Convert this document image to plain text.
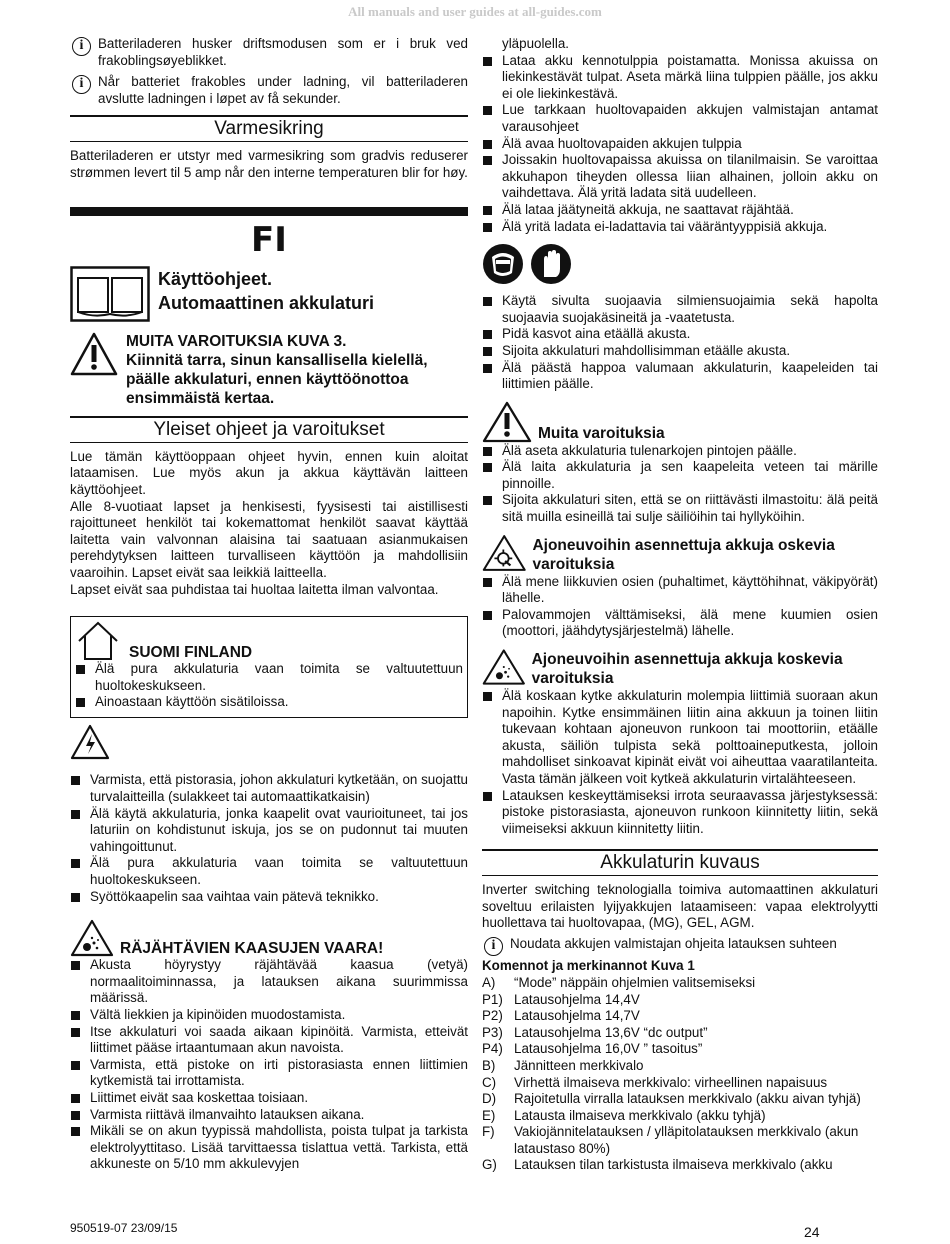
All manuals and user guides at all-guides.com
i	Batteriladeren husker driftsmodusen som er i bruk ved frakoblingsøyeblikket.

i	Når batteriet frakobles under ladning, vil batteriladeren avslutte ladningen i løpet av få sekunder.

Varmesikring

Batteriladeren er utstyr med varmesikring som gradvis reduserer strømmen levert til 5 amp når den interne temperaturen blir for høy.

FI
Käyttöohjeet.
Automaattinen akkulaturi

MUITA VAROITUKSIA KUVA 3.

Kiinnitä tarra, sinun kansallisella kielellä, päälle akkulaturi, ennen käyttöönottoa ensimmäistä kertaa.

Yleiset ohjeet ja varoitukset

Lue tämän käyttöoppaan ohjeet hyvin, ennen kuin aloitat lataamisen. Lue myös akun ja akkua käyttävän laitteen käyttöohjeet.

Alle 8-vuotiaat lapset ja henkisesti, fyysisesti tai aistillisesti rajoittuneet henkilöt tai kokemattomat henkilöt saavat käyttää laitetta vain valvonnan alaisina tai saatuaan asianmukaisen perehdytyksen laitteen turvalliseen käyttöön ja mahdollisiin vaaroihin. Lapset eivät saa leikkiä laitteella.

Lapset eivät saa puhdistaa tai huoltaa laitetta ilman valvontaa.

SUOMI FINLAND

Älä pura akkulaturia vaan toimita se valtuutettuun huoltokeskukseen.

Ainoastaan käyttöön sisätiloissa.

Varmista, että pistorasia, johon akkulaturi kytketään, on suojattu turvalaitteilla (sulakkeet tai automaattikatkaisin)

Älä käytä akkulaturia, jonka kaapelit ovat vaurioituneet, tai jos laturiin on kohdistunut iskuja, jos se on pudonnut tai muuten vahingoittunut.

Älä pura akkulaturia vaan toimita se valtuutettuun huoltokeskukseen.

Syöttökaapelin saa vaihtaa vain pätevä teknikko.

RÄJÄHTÄVIEN KAASUJEN VAARA!

Akusta höyrystyy räjähtävää kaasua (vetyä) normaalitoiminnassa, ja latauksen aikana suurimmissa määrissä.

Vältä liekkien ja kipinöiden muodostamista.

Itse akkulaturi voi saada aikaan kipinöitä. Varmista, etteivät liittimet pääse irtaantumaan akun navoista.

Varmista, että pistoke on irti pistorasiasta ennen liittimien kytkemistä tai irrottamista.

Liittimet eivät saa koskettaa toisiaan.

Varmista riittävä ilmanvaihto latauksen aikana.

Mikäli se on akun tyypissä mahdollista, poista tulpat ja tarkista elektrolyyttitaso. Lisää tarvittaessa tislattua vettä. Tarkista, että akkuneste on 5/10 mm akkulevyjen

yläpuolella.

Lataa akku kennotulppia poistamatta. Monissa akuissa on liekinkestävät tulpat. Aseta märkä liina tulppien päälle, jos akku ei ole liekinkestävä.

Lue tarkkaan huoltovapaiden akkujen valmistajan antamat varausohjeet

Älä avaa huoltovapaiden akkujen tulppia

Joissakin huoltovapaissa akuissa on tilanilmaisin. Se varoittaa akkuhapon tiheyden ollessa liian alhainen, jolloin akku on vaihdettava. Älä yritä ladata sitä uudelleen.

Älä lataa jäätyneitä akkuja, ne saattavat räjähtää.

Älä yritä ladata ei-ladattavia tai vääräntyyppisiä akkuja.

Käytä sivulta suojaavia silmiensuojaimia sekä hapolta suojaavia suojakäsineitä ja -vaatetusta.

Pidä kasvot aina etäällä akusta.

Sijoita akkulaturi mahdollisimman etäälle akusta.

Älä päästä happoa valumaan akkulaturin, kaapeleiden tai liittimien päälle.

Muita varoituksia

Älä aseta akkulaturia tulenarkojen pintojen päälle.

Älä laita akkulaturia ja sen kaapeleita veteen tai märille pinnoille.

Sijoita akkulaturi siten, että se on riittävästi ilmastoitu: älä peitä sitä muilla esineillä tai sulje säiliöihin tai hyllyköihin.

Ajoneuvoihin asennettuja akkuja oskevia varoituksia

Älä mene liikkuvien osien (puhaltimet, käyttöhihnat, väkipyörät) lähelle.

Palovammojen välttämiseksi, älä mene kuumien osien (moottori, jäähdytysjärjestelmä) lähelle.

Ajoneuvoihin asennettuja akkuja koskevia varoituksia

Älä koskaan kytke akkulaturin molempia liittimiä suoraan akun napoihin. Kytke ensimmäinen liitin aina akkuun ja toinen liitin tukevaan kohtaan ajoneuvon runkoon tai moottoriin, etäälle akusta, säiliön tulpista sekä polttoaineputkesta, jolloin mahdolliset sinkoavat kipinät eivät voi aiheuttaa vaaratilanteita. Vasta tämän jälkeen voit kytkeä akkulaturin virtalähteeseen.

Latauksen keskeyttämiseksi irrota seuraavassa järjestyksessä: pistoke pistorasiasta, ajoneuvon runkoon kiinnitetty liitin, sekä viimeiseksi akkuun kiinnitetty liitin.

Akkulaturin kuvaus

Inverter switching teknologialla toimiva automaattinen akkulaturi soveltuu erilaisten lyijyakkujen lataamiseen: vapaa elektrolyytti huollettava tai huoltovapaa, (MG), GEL, AGM.

i	Noudata akkujen valmistajan ohjeita latauksen suhteen

Komennot ja merkinannot Kuva 1

A)	“Mode” näppäin ohjelmien valitsemiseksi
P1) Latausohjelma 14,4V
P2) Latausohjelma 14,7V
P3) Latausohjelma 13,6V “dc output”
P4) Latausohjelma 16,0V ” tasoitus”
B)	Jännitteen merkkivalo
C)	Virhettä ilmaiseva merkkivalo: virheellinen napaisuus
D)	Rajoitetulla virralla latauksen merkkivalo (akku aivan tyhjä)
E)	Latausta ilmaiseva merkkivalo (akku tyhjä)
F)	Vakiojännitelatauksen / ylläpitolatauksen merkkivalo (akun lataustaso 80%)
G)	Latauksen tilan tarkistusta ilmaiseva merkkivalo (akku
950519-07 23/09/15	24
